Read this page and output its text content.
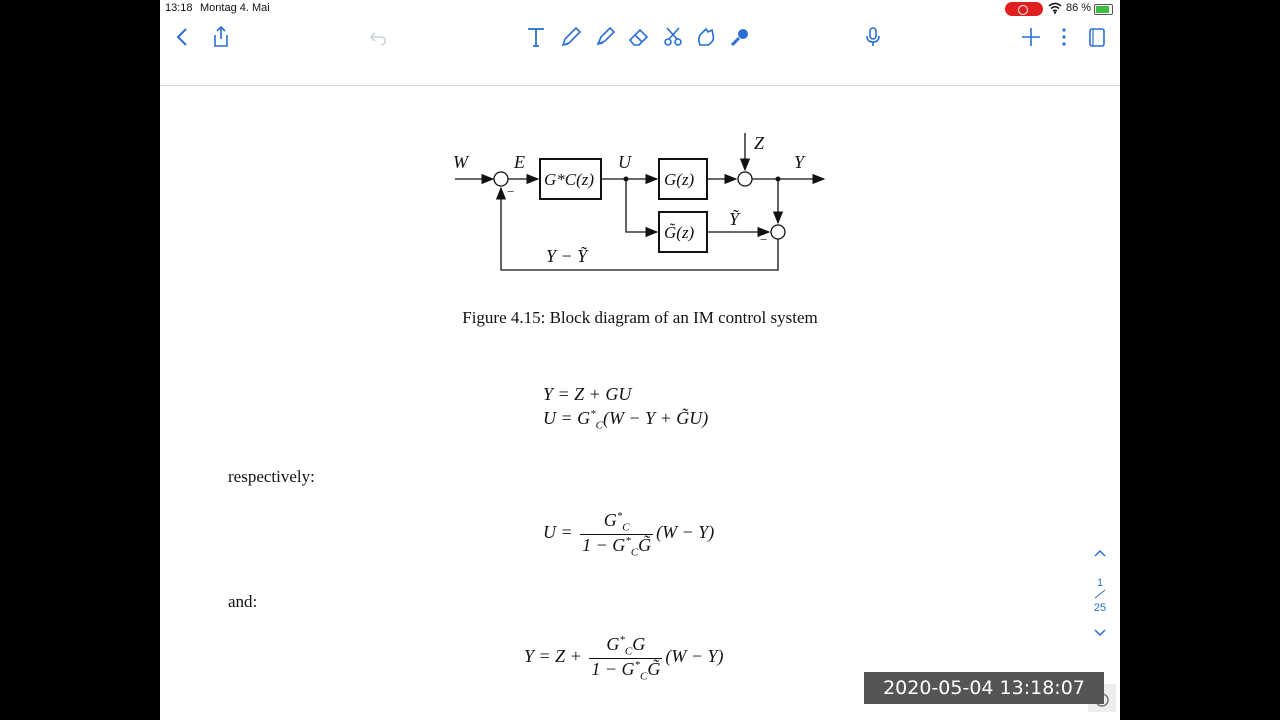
13:18 Montag 4. Mai	86 %
W	E	U
Z
Y
G*C(z)	G(z)
G̃(z)
Ỹ
Y − Ỹ
−
−
Figure 4.15: Block diagram of an IM control system
Y = Z + GU
$U = G^*_C(W - Y$ + G̃U)
respectively:
$U = \frac{G^*_C}{1 - G^*_CG̃} (W - Y)$
and:
$Y = Z + \frac{G^*_CG}{1 - G^*_CG̃} (W - Y)$
1
25
2020-05-04 13:18:07
